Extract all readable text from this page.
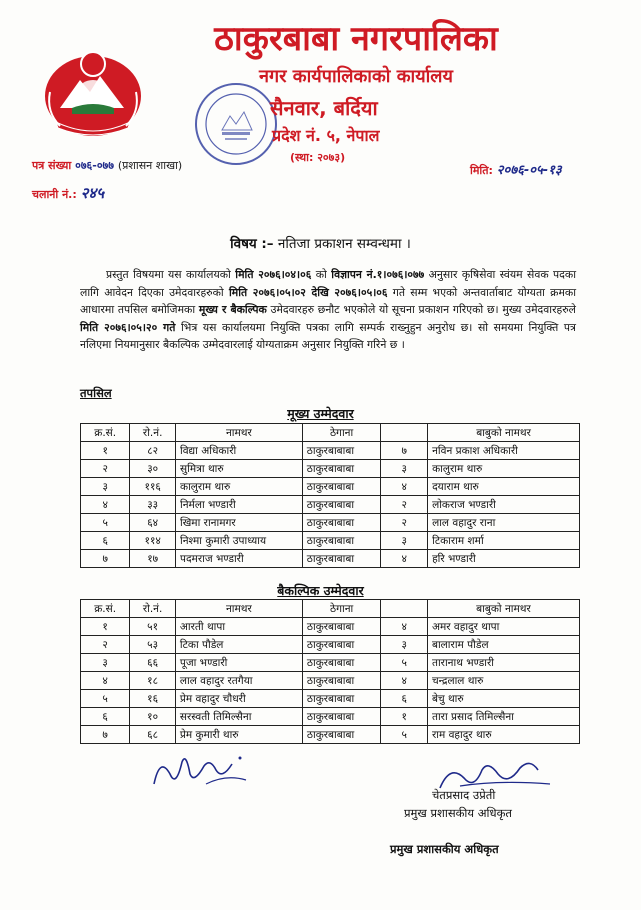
ठाकुरबाबा नगरपालिका
नगर कार्यपालिकाको कार्यालय
सैनवार, बर्दिया
प्रदेश नं. ५, नेपाल
(स्था: २०७३)
पत्र संख्या ०७६-०७७ (प्रशासन शाखा)
चलानी नं.: २४५
मिति: २०७६-०५-१३
विषय :– नतिजा प्रकाशन सम्वन्धमा ।
प्रस्तुत विषयमा यस कार्यालयको मिति २०७६।०४।०६ को विज्ञापन नं.१।०७६।०७७ अनुसार कृषिसेवा स्वंयम सेवक पदका लागि आवेदन दिएका उमेदवारहरुको मिति २०७६।०५।०२ देखि २०७६।०५।०६ गते सम्म भएको अन्तवार्ताबाट योग्यता क्रमका आधारमा तपसिल बमोजिमका मूख्य र बैकल्पिक उमेदवारहरु छनौट भएकोले यो सूचना प्रकाशन गरिएको छ। मुख्य उमेदवारहरुले मिति २०७६।०५।२० गते भित्र यस कार्यालयमा नियुक्ति पत्रका लागि सम्पर्क राख्नुहुन अनुरोध छ। सो समयमा नियुक्ति पत्र नलिएमा नियमानुसार बैकल्पिक उम्मेदवारलाई योग्यताक्रम अनुसार नियुक्ति गरिने छ ।
तपसिल
मूख्य उम्मेदवार
क्र.सं.	रो.नं.	नामथर	ठेगाना		बाबुको नामथर
१	८२	विद्या अधिकारी	ठाकुरबाबाबा	७	नविन प्रकाश अधिकारी
२	३०	सुमित्रा थारु	ठाकुरबाबाबा	३	कालुराम थारु
३	११६	कालुराम थारु	ठाकुरबाबाबा	४	दयाराम थारु
४	३३	निर्मला भण्डारी	ठाकुरबाबाबा	२	लोकराज भण्डारी
५	६४	खिमा रानामगर	ठाकुरबाबाबा	२	लाल वहादुर राना
६	११४	निश्मा कुमारी उपाध्याय	ठाकुरबाबाबा	३	टिकाराम शर्मा
७	१७	पदमराज भण्डारी	ठाकुरबाबाबा	४	हरि भण्डारी
बैकल्पिक उम्मेदवार
क्र.सं.	रो.नं.	नामथर	ठेगाना		बाबुको नामथर
१	५१	आरती थापा	ठाकुरबाबाबा	४	अमर वहादुर थापा
२	५३	टिका पौडेल	ठाकुरबाबाबा	३	बालाराम पौडेल
३	६६	पूजा भण्डारी	ठाकुरबाबाबा	५	तारानाथ भण्डारी
४	१८	लाल वहादुर रतगैया	ठाकुरबाबाबा	४	चन्द्रलाल थारु
५	१६	प्रेम वहादुर चौधरी	ठाकुरबाबाबा	६	बेचु थारु
६	१०	सरस्वती तिमिल्सैना	ठाकुरबाबाबा	१	तारा प्रसाद तिमिल्सैना
७	६८	प्रेम कुमारी थारु	ठाकुरबाबाबा	५	राम वहादुर थारु
चेतप्रसाद उप्रेती
प्रमुख प्रशासकीय अधिकृत
प्रमुख प्रशासकीय अधिकृत
